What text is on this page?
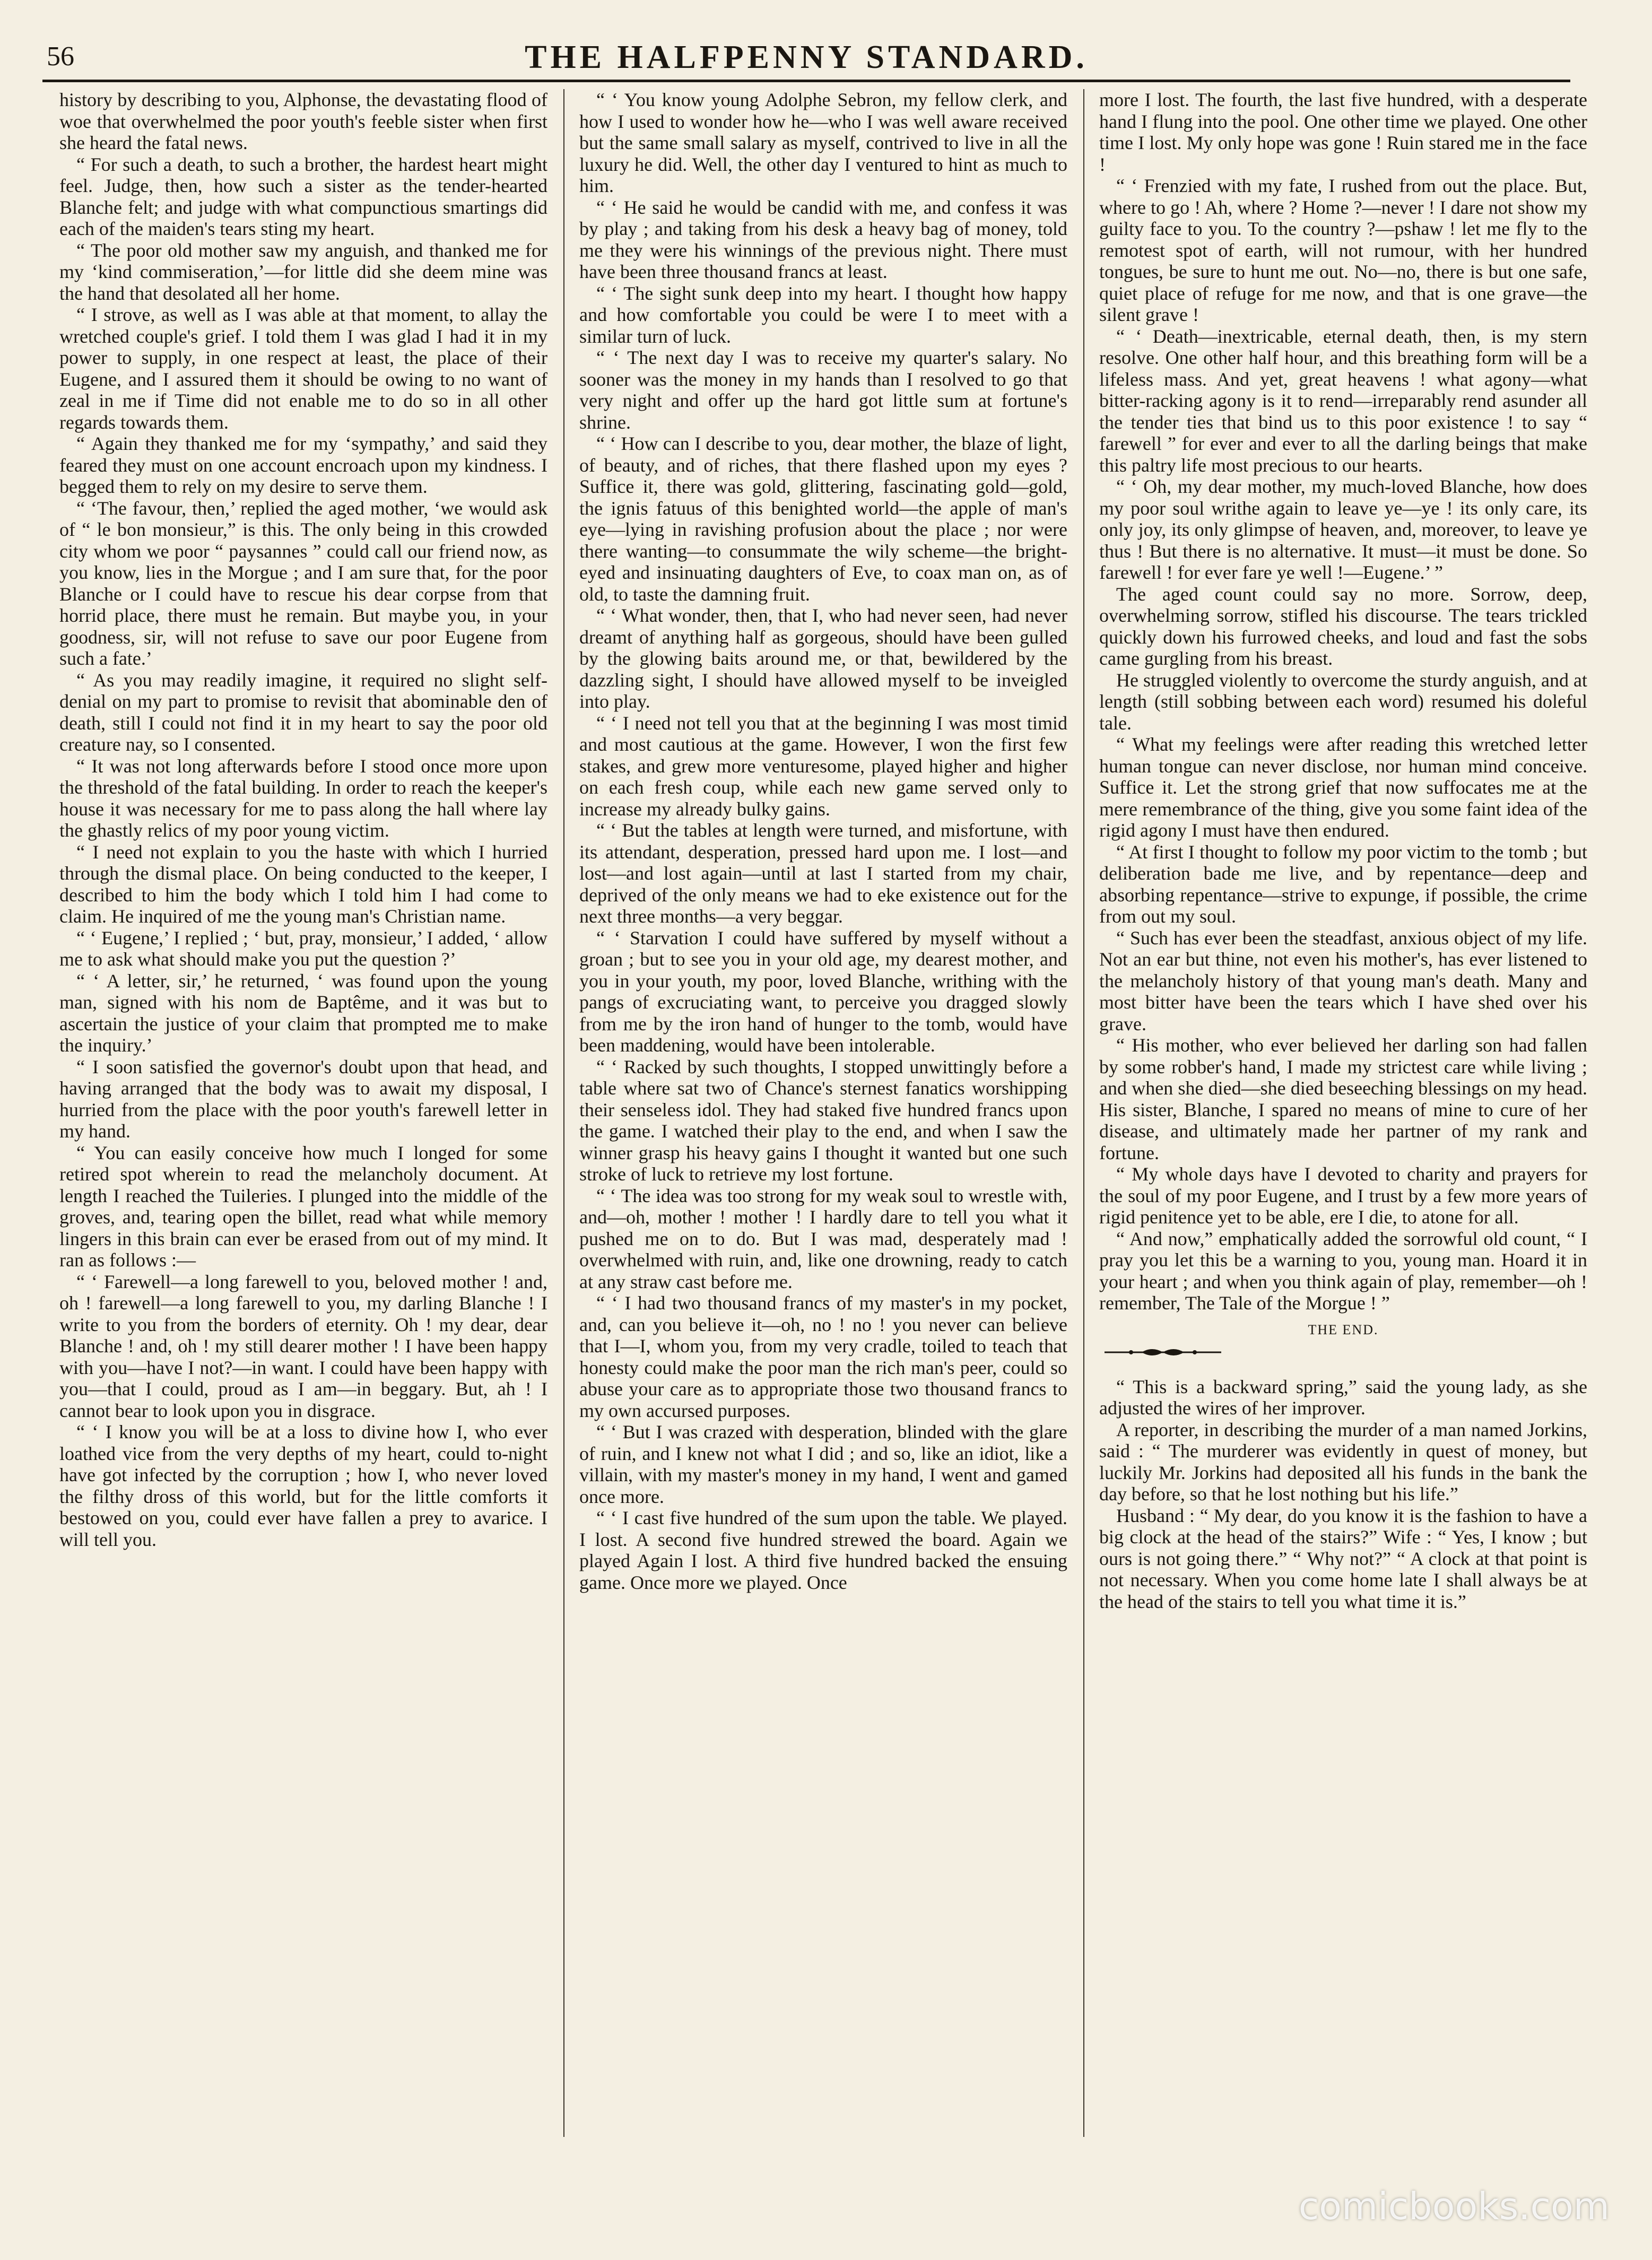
56	THE HALFPENNY STANDARD.

history by describing to you, Alphonse, the devastating flood of woe that overwhelmed the poor youth's feeble sister when first she heard the fatal news.

“ For such a death, to such a brother, the hardest heart might feel. Judge, then, how such a sister as the tender-hearted Blanche felt; and judge with what compunctious smartings did each of the maiden's tears sting my heart.

“ The poor old mother saw my anguish, and thanked me for my ‘kind commiseration,’—for little did she deem mine was the hand that desolated all her home.

“ I strove, as well as I was able at that moment, to allay the wretched couple's grief. I told them I was glad I had it in my power to supply, in one respect at least, the place of their Eugene, and I assured them it should be owing to no want of zeal in me if Time did not enable me to do so in all other regards towards them.

“ Again they thanked me for my ‘sympathy,’ and said they feared they must on one account encroach upon my kindness. I begged them to rely on my desire to serve them.

“ ‘The favour, then,’ replied the aged mother, ‘we would ask of “ le bon monsieur,” is this. The only being in this crowded city whom we poor “ paysannes ” could call our friend now, as you know, lies in the Morgue ; and I am sure that, for the poor Blanche or I could have to rescue his dear corpse from that horrid place, there must he remain. But maybe you, in your goodness, sir, will not refuse to save our poor Eugene from such a fate.’

“ As you may readily imagine, it required no slight self-denial on my part to promise to revisit that abominable den of death, still I could not find it in my heart to say the poor old creature nay, so I consented.

“ It was not long afterwards before I stood once more upon the threshold of the fatal building. In order to reach the keeper's house it was necessary for me to pass along the hall where lay the ghastly relics of my poor young victim.

“ I need not explain to you the haste with which I hurried through the dismal place. On being conducted to the keeper, I described to him the body which I told him I had come to claim. He inquired of me the young man's Christian name.

“ ‘ Eugene,’ I replied ; ‘ but, pray, monsieur,’ I added, ‘ allow me to ask what should make you put the question ?’

“ ‘ A letter, sir,’ he returned, ‘ was found upon the young man, signed with his nom de Baptême, and it was but to ascertain the justice of your claim that prompted me to make the inquiry.’

“ I soon satisfied the governor's doubt upon that head, and having arranged that the body was to await my disposal, I hurried from the place with the poor youth's farewell letter in my hand.

“ You can easily conceive how much I longed for some retired spot wherein to read the melancholy document. At length I reached the Tuileries. I plunged into the middle of the groves, and, tearing open the billet, read what while memory lingers in this brain can ever be erased from out of my mind. It ran as follows :—

“ ‘ Farewell—a long farewell to you, beloved mother ! and, oh ! farewell—a long farewell to you, my darling Blanche ! I write to you from the borders of eternity. Oh ! my dear, dear Blanche ! and, oh ! my still dearer mother ! I have been happy with you—have I not?—in want. I could have been happy with you—that I could, proud as I am—in beggary. But, ah ! I cannot bear to look upon you in disgrace.

“ ‘ I know you will be at a loss to divine how I, who ever loathed vice from the very depths of my heart, could to-night have got infected by the corruption ; how I, who never loved the filthy dross of this world, but for the little comforts it bestowed on you, could ever have fallen a prey to avarice. I will tell you.

“ ‘ You know young Adolphe Sebron, my fellow clerk, and how I used to wonder how he—who I was well aware received but the same small salary as myself, contrived to live in all the luxury he did. Well, the other day I ventured to hint as much to him.

“ ‘ He said he would be candid with me, and confess it was by play ; and taking from his desk a heavy bag of money, told me they were his winnings of the previous night. There must have been three thousand francs at least.

“ ‘ The sight sunk deep into my heart. I thought how happy and how comfortable you could be were I to meet with a similar turn of luck.

“ ‘ The next day I was to receive my quarter's salary. No sooner was the money in my hands than I resolved to go that very night and offer up the hard got little sum at fortune's shrine.

“ ‘ How can I describe to you, dear mother, the blaze of light, of beauty, and of riches, that there flashed upon my eyes ? Suffice it, there was gold, glittering, fascinating gold—gold, the ignis fatuus of this benighted world—the apple of man's eye—lying in ravishing profusion about the place ; nor were there wanting—to consummate the wily scheme—the bright-eyed and insinuating daughters of Eve, to coax man on, as of old, to taste the damning fruit.

“ ‘ What wonder, then, that I, who had never seen, had never dreamt of anything half as gorgeous, should have been gulled by the glowing baits around me, or that, bewildered by the dazzling sight, I should have allowed myself to be inveigled into play.

“ ‘ I need not tell you that at the beginning I was most timid and most cautious at the game. However, I won the first few stakes, and grew more venturesome, played higher and higher on each fresh coup, while each new game served only to increase my already bulky gains.

“ ‘ But the tables at length were turned, and misfortune, with its attendant, desperation, pressed hard upon me. I lost—and lost—and lost again—until at last I started from my chair, deprived of the only means we had to eke existence out for the next three months—a very beggar.

“ ‘ Starvation I could have suffered by myself without a groan ; but to see you in your old age, my dearest mother, and you in your youth, my poor, loved Blanche, writhing with the pangs of excruciating want, to perceive you dragged slowly from me by the iron hand of hunger to the tomb, would have been maddening, would have been intolerable.

“ ‘ Racked by such thoughts, I stopped unwittingly before a table where sat two of Chance's sternest fanatics worshipping their senseless idol. They had staked five hundred francs upon the game. I watched their play to the end, and when I saw the winner grasp his heavy gains I thought it wanted but one such stroke of luck to retrieve my lost fortune.

“ ‘ The idea was too strong for my weak soul to wrestle with, and—oh, mother ! mother ! I hardly dare to tell you what it pushed me on to do. But I was mad, desperately mad ! overwhelmed with ruin, and, like one drowning, ready to catch at any straw cast before me.

“ ‘ I had two thousand francs of my master's in my pocket, and, can you believe it—oh, no ! no ! you never can believe that I—I, whom you, from my very cradle, toiled to teach that honesty could make the poor man the rich man's peer, could so abuse your care as to appropriate those two thousand francs to my own accursed purposes.

“ ‘ But I was crazed with desperation, blinded with the glare of ruin, and I knew not what I did ; and so, like an idiot, like a villain, with my master's money in my hand, I went and gamed once more.

“ ‘ I cast five hundred of the sum upon the table. We played. I lost. A second five hundred strewed the board. Again we played Again I lost. A third five hundred backed the ensuing game. Once more we played. Once

more I lost. The fourth, the last five hundred, with a desperate hand I flung into the pool. One other time we played. One other time I lost. My only hope was gone ! Ruin stared me in the face !

“ ‘ Frenzied with my fate, I rushed from out the place. But, where to go ! Ah, where ? Home ?—never ! I dare not show my guilty face to you. To the country ?—pshaw ! let me fly to the remotest spot of earth, will not rumour, with her hundred tongues, be sure to hunt me out. No—no, there is but one safe, quiet place of refuge for me now, and that is one grave—the silent grave !

“ ‘ Death—inextricable, eternal death, then, is my stern resolve. One other half hour, and this breathing form will be a lifeless mass. And yet, great heavens ! what agony—what bitter-racking agony is it to rend—irreparably rend asunder all the tender ties that bind us to this poor existence ! to say “ farewell ” for ever and ever to all the darling beings that make this paltry life most precious to our hearts.

“ ‘ Oh, my dear mother, my much-loved Blanche, how does my poor soul writhe again to leave ye—ye ! its only care, its only joy, its only glimpse of heaven, and, moreover, to leave ye thus ! But there is no alternative. It must—it must be done. So farewell ! for ever fare ye well !—Eugene.’ ”

The aged count could say no more. Sorrow, deep, overwhelming sorrow, stifled his discourse. The tears trickled quickly down his furrowed cheeks, and loud and fast the sobs came gurgling from his breast.

He struggled violently to overcome the sturdy anguish, and at length (still sobbing between each word) resumed his doleful tale.

“ What my feelings were after reading this wretched letter human tongue can never disclose, nor human mind conceive. Suffice it. Let the strong grief that now suffocates me at the mere remembrance of the thing, give you some faint idea of the rigid agony I must have then endured.

“ At first I thought to follow my poor victim to the tomb ; but deliberation bade me live, and by repentance—deep and absorbing repentance—strive to expunge, if possible, the crime from out my soul.

“ Such has ever been the steadfast, anxious object of my life. Not an ear but thine, not even his mother's, has ever listened to the melancholy history of that young man's death. Many and most bitter have been the tears which I have shed over his grave.

“ His mother, who ever believed her darling son had fallen by some robber's hand, I made my strictest care while living ; and when she died—she died beseeching blessings on my head. His sister, Blanche, I spared no means of mine to cure of her disease, and ultimately made her partner of my rank and fortune.

“ My whole days have I devoted to charity and prayers for the soul of my poor Eugene, and I trust by a few more years of rigid penitence yet to be able, ere I die, to atone for all.

“ And now,” emphatically added the sorrowful old count, “ I pray you let this be a warning to you, young man. Hoard it in your heart ; and when you think again of play, remember—oh ! remember, The Tale of the Morgue ! ”

THE END.

“ This is a backward spring,” said the young lady, as she adjusted the wires of her improver.

A reporter, in describing the murder of a man named Jorkins, said : “ The murderer was evidently in quest of money, but luckily Mr. Jorkins had deposited all his funds in the bank the day before, so that he lost nothing but his life.”

Husband : “ My dear, do you know it is the fashion to have a big clock at the head of the stairs?” Wife : “ Yes, I know ; but ours is not going there.” “ Why not?” “ A clock at that point is not necessary. When you come home late I shall always be at the head of the stairs to tell you what time it is.”

comicbooks.com
